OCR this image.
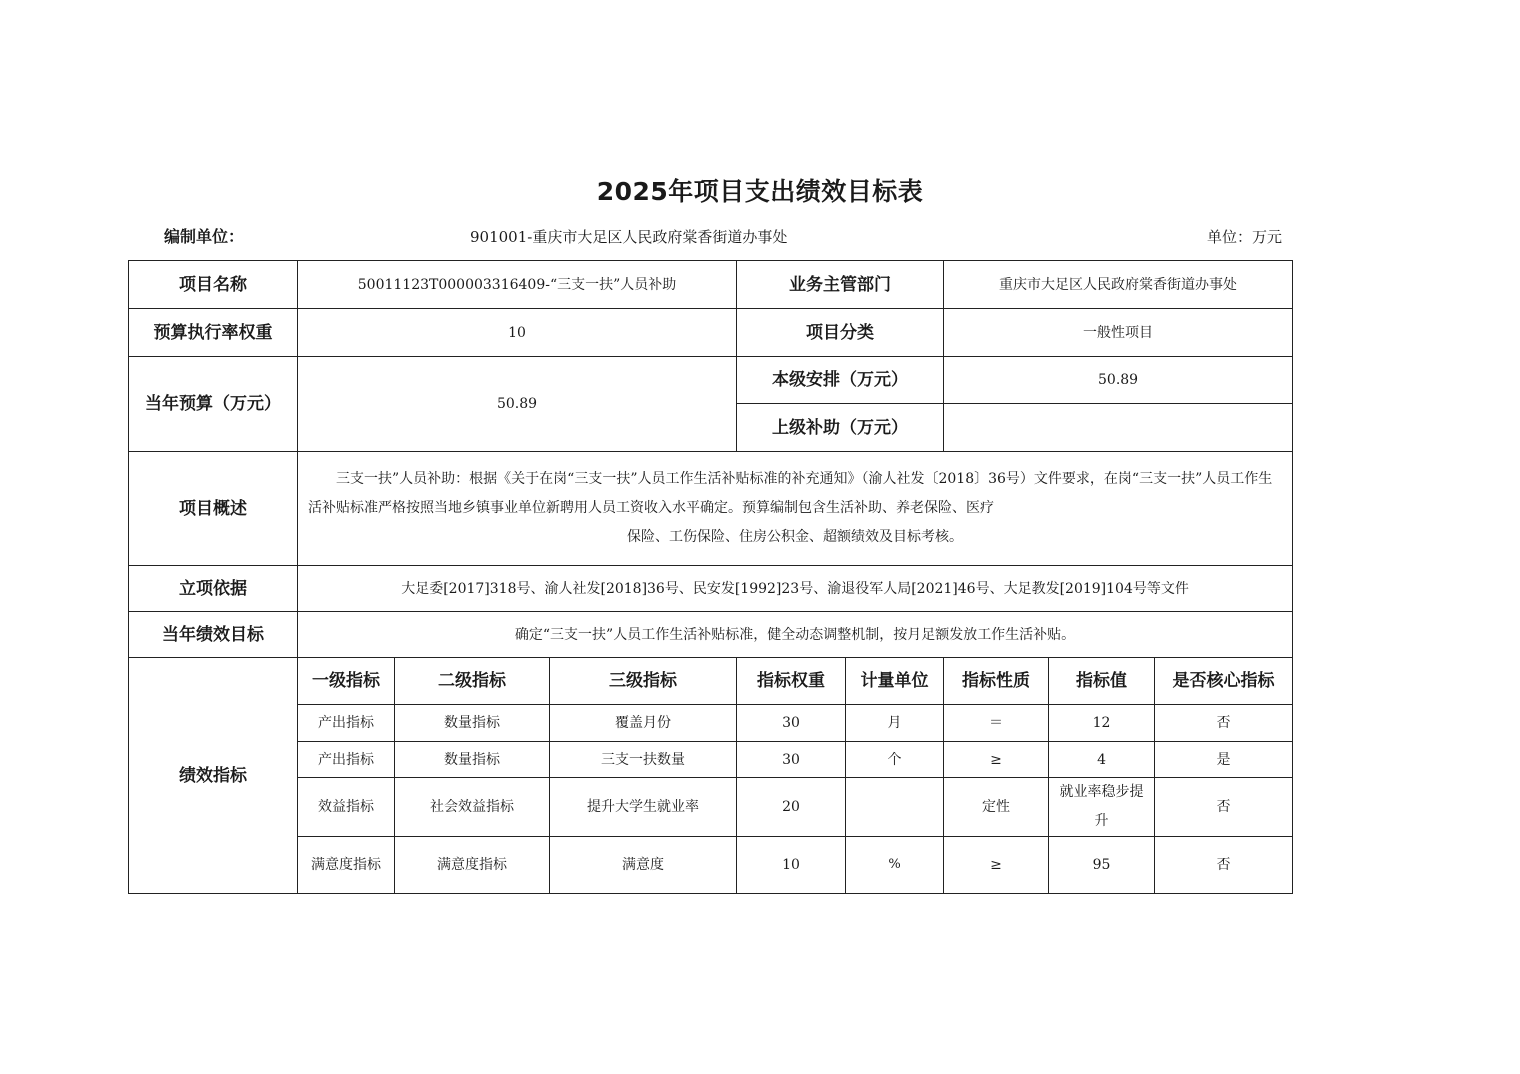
2025年项目支出绩效目标表
编制单位：	901001-重庆市大足区人民政府棠香街道办事处	单位：万元
项目名称	50011123T000003316409-“三支一扶”人员补助			业务主管部门		重庆市大足区人民政府棠香街道办事处		
预算执行率权重	10			项目分类		一般性项目		
当年预算（万元）	50.89			本级安排（万元）		50.89		
				上级补助（万元）				
项目概述	三支一扶”人员补助：根据《关于在岗“三支一扶”人员工作生活补贴标准的补充通知》（渝人社发〔2018〕36号）文件要求，在岗“三支一扶”人员工作生活补贴标准严格按照当地乡镇事业单位新聘用人员工资收入水平确定。预算编制包含生活补助、养老保险、医疗
保险、工伤保险、住房公积金、超额绩效及目标考核。							

立项依据	大足委[2017]318号、渝人社发[2018]36号、民安发[1992]23号、渝退役军人局[2021]46号、大足教发[2019]104号等文件							
当年绩效目标	确定“三支一扶”人员工作生活补贴标准，健全动态调整机制，按月足额发放工作生活补贴。							
绩效指标	一级指标	二级指标	三级指标	指标权重	计量单位	指标性质	指标值	是否核心指标
	产出指标	数量指标	覆盖月份	30	月	＝	12	否
	产出指标	数量指标	三支一扶数量	30	个	≥	4	是
	效益指标	社会效益指标	提升大学生就业率	20		定性	就业率稳步提升	否
	满意度指标	满意度指标	满意度	10	%	≥	95	否
